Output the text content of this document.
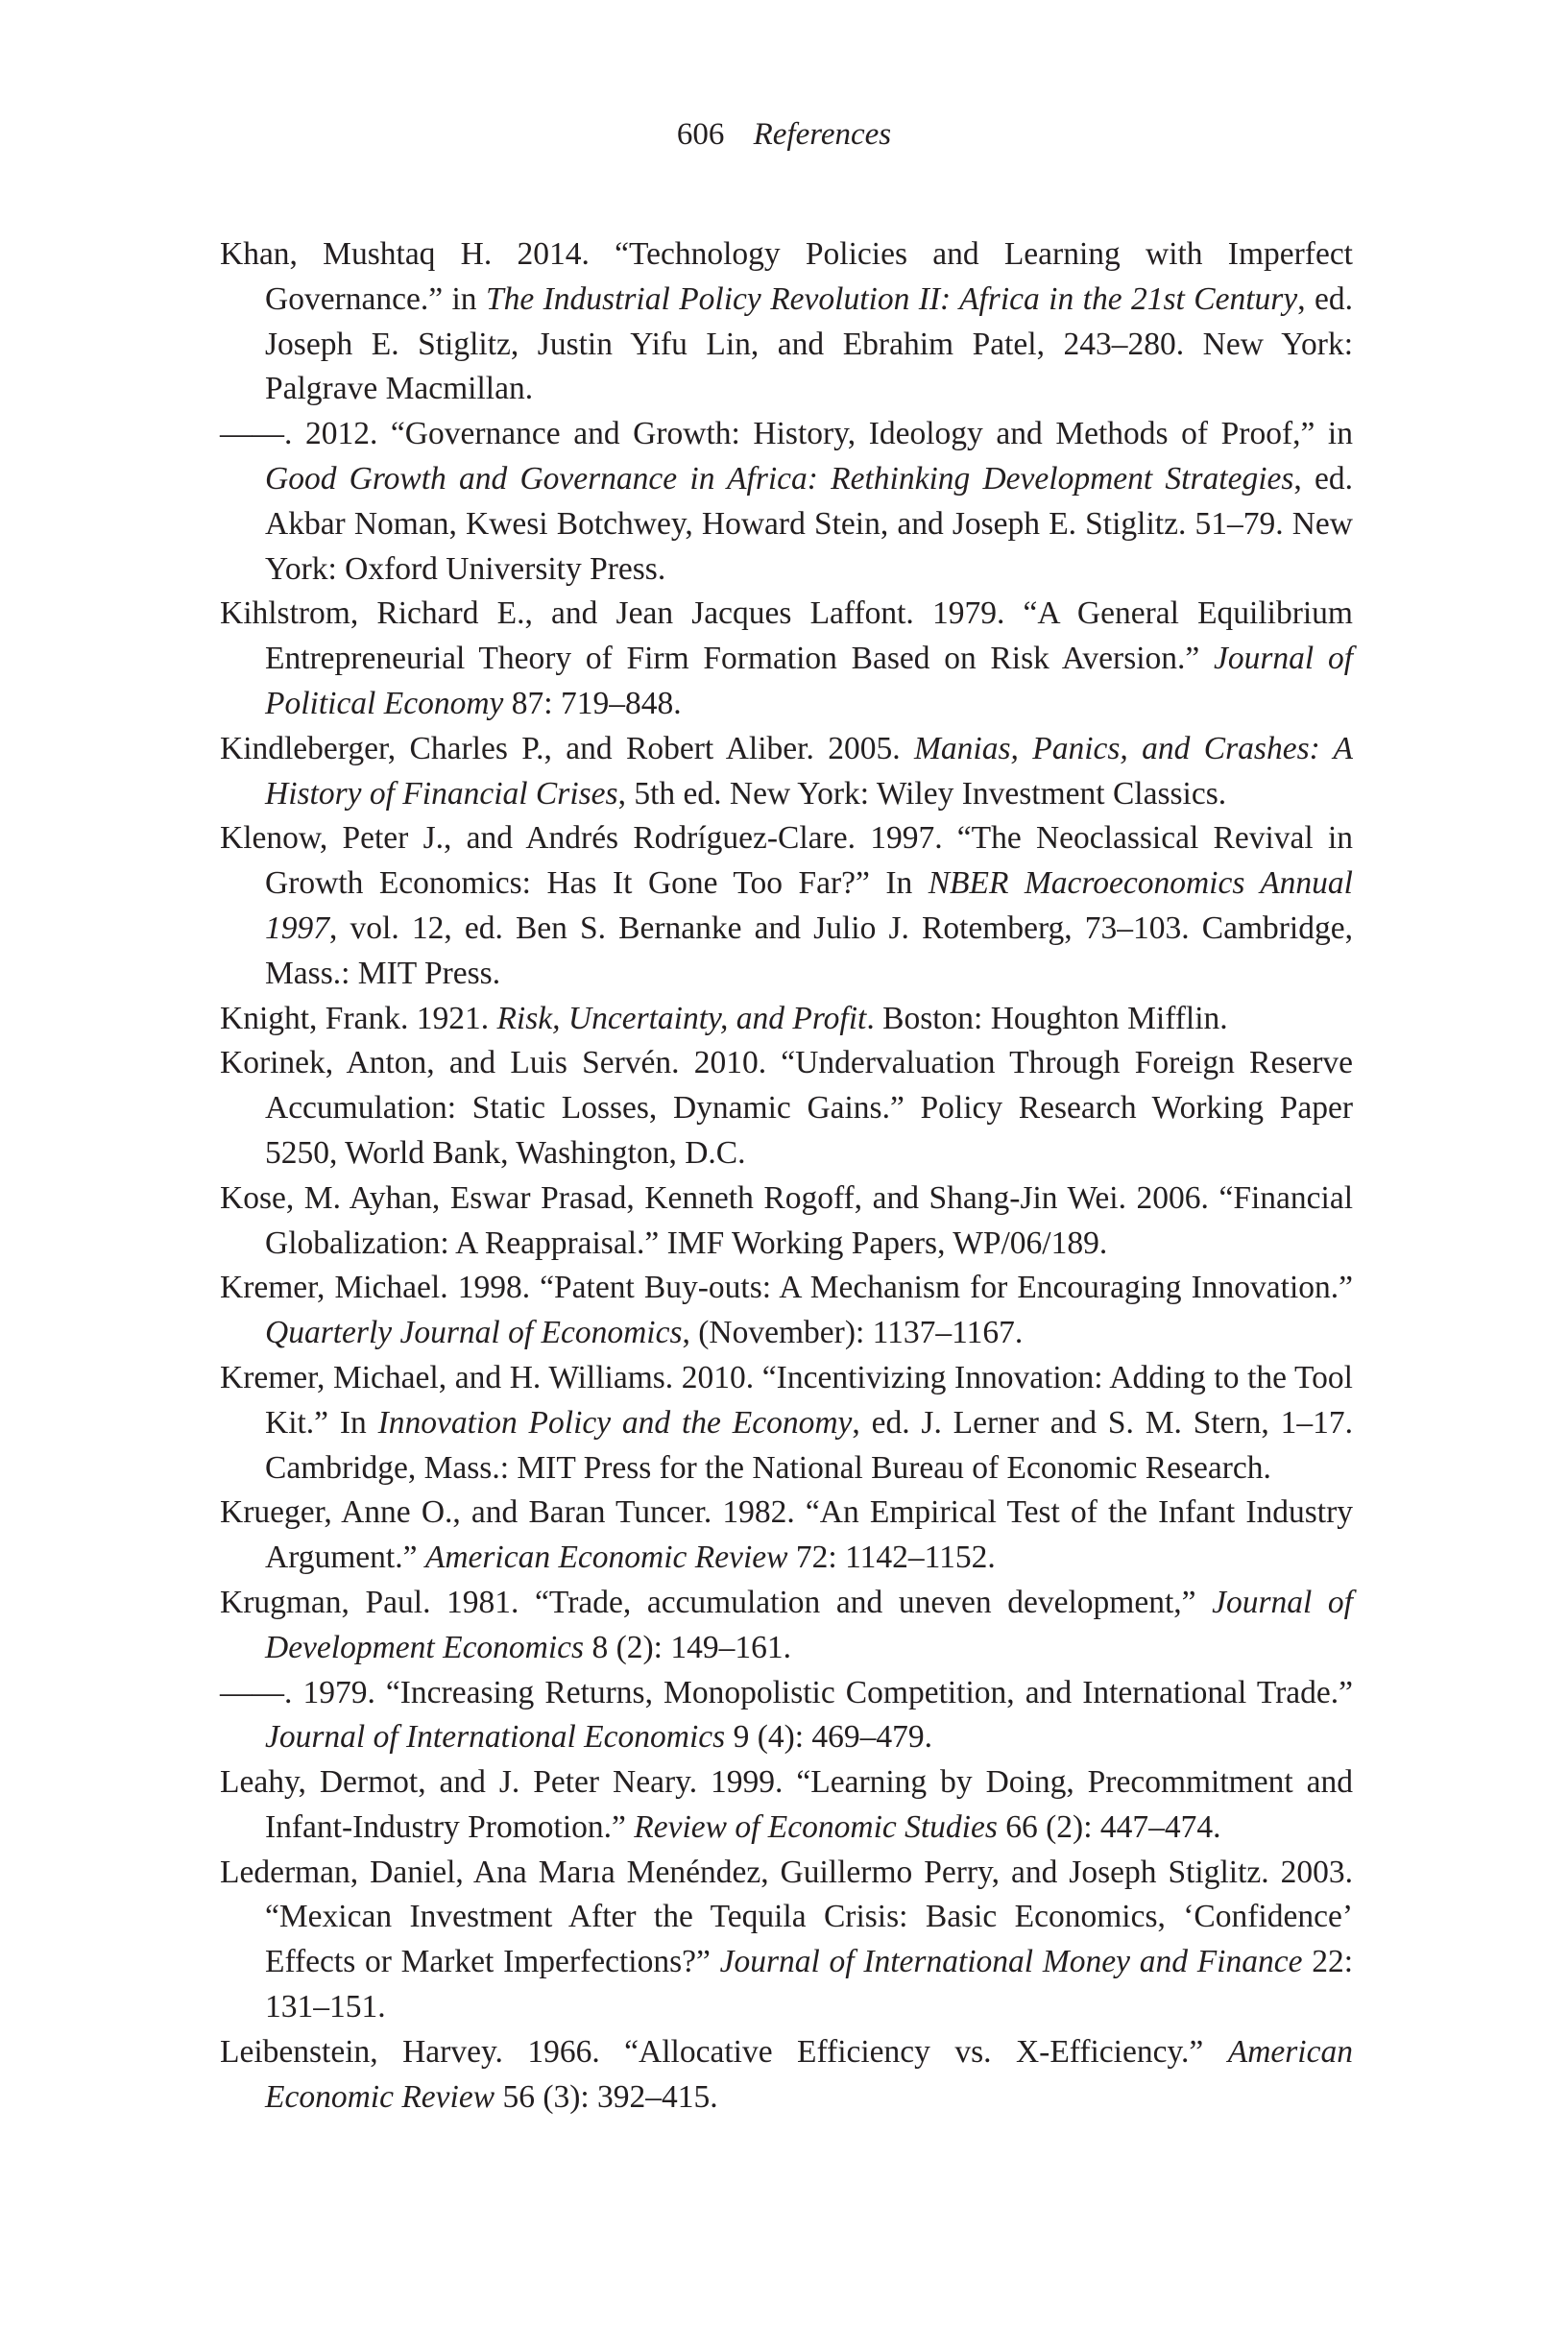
606 References

Khan, Mushtaq H. 2014. “Technology Policies and Learning with Imperfect Governance.” in The Industrial Policy Revolution II: Africa in the 21st Century, ed. Joseph E. Stiglitz, Justin Yifu Lin, and Ebrahim Patel, 243–280. New York: Palgrave Macmillan.

——. 2012. “Governance and Growth: History, Ideology and Methods of Proof,” in Good Growth and Governance in Africa: Rethinking Development Strategies, ed. Akbar Noman, Kwesi Botchwey, Howard Stein, and Joseph E. Stiglitz. 51–79. New York: Oxford University Press.

Kihlstrom, Richard E., and Jean Jacques Laffont. 1979. “A General Equilibrium Entrepreneurial Theory of Firm Formation Based on Risk Aversion.” Journal of Political Economy 87: 719–848.

Kindleberger, Charles P., and Robert Aliber. 2005. Manias, Panics, and Crashes: A History of Financial Crises, 5th ed. New York: Wiley Investment Classics.

Klenow, Peter J., and Andrés Rodríguez-Clare. 1997. “The Neoclassical Revival in Growth Economics: Has It Gone Too Far?” In NBER Macroeconomics Annual 1997, vol. 12, ed. Ben S. Bernanke and Julio J. Rotemberg, 73–103. Cambridge, Mass.: MIT Press.

Knight, Frank. 1921. Risk, Uncertainty, and Profit. Boston: Houghton Mifflin.

Korinek, Anton, and Luis Servén. 2010. “Undervaluation Through Foreign Reserve Accumulation: Static Losses, Dynamic Gains.” Policy Research Working Paper 5250, World Bank, Washington, D.C.

Kose, M. Ayhan, Eswar Prasad, Kenneth Rogoff, and Shang-Jin Wei. 2006. “Financial Globalization: A Reappraisal.” IMF Working Papers, WP/06/189.

Kremer, Michael. 1998. “Patent Buy-outs: A Mechanism for Encouraging Innovation.” Quarterly Journal of Economics, (November): 1137–1167.

Kremer, Michael, and H. Williams. 2010. “Incentivizing Innovation: Adding to the Tool Kit.” In Innovation Policy and the Economy, ed. J. Lerner and S. M. Stern, 1–17. Cambridge, Mass.: MIT Press for the National Bureau of Economic Research.

Krueger, Anne O., and Baran Tuncer. 1982. “An Empirical Test of the Infant Industry Argument.” American Economic Review 72: 1142–1152.

Krugman, Paul. 1981. “Trade, accumulation and uneven development,” Journal of Development Economics 8 (2): 149–161.

——. 1979. “Increasing Returns, Monopolistic Competition, and International Trade.” Journal of International Economics 9 (4): 469–479.

Leahy, Dermot, and J. Peter Neary. 1999. “Learning by Doing, Precommitment and Infant-Industry Promotion.” Review of Economic Studies 66 (2): 447–474.

Lederman, Daniel, Ana Marıa Menéndez, Guillermo Perry, and Joseph Stiglitz. 2003. “Mexican Investment After the Tequila Crisis: Basic Economics, ‘Confidence’ Effects or Market Imperfections?” Journal of International Money and Finance 22: 131–151.

Leibenstein, Harvey. 1966. “Allocative Efficiency vs. X-Efficiency.” American Economic Review 56 (3): 392–415.
